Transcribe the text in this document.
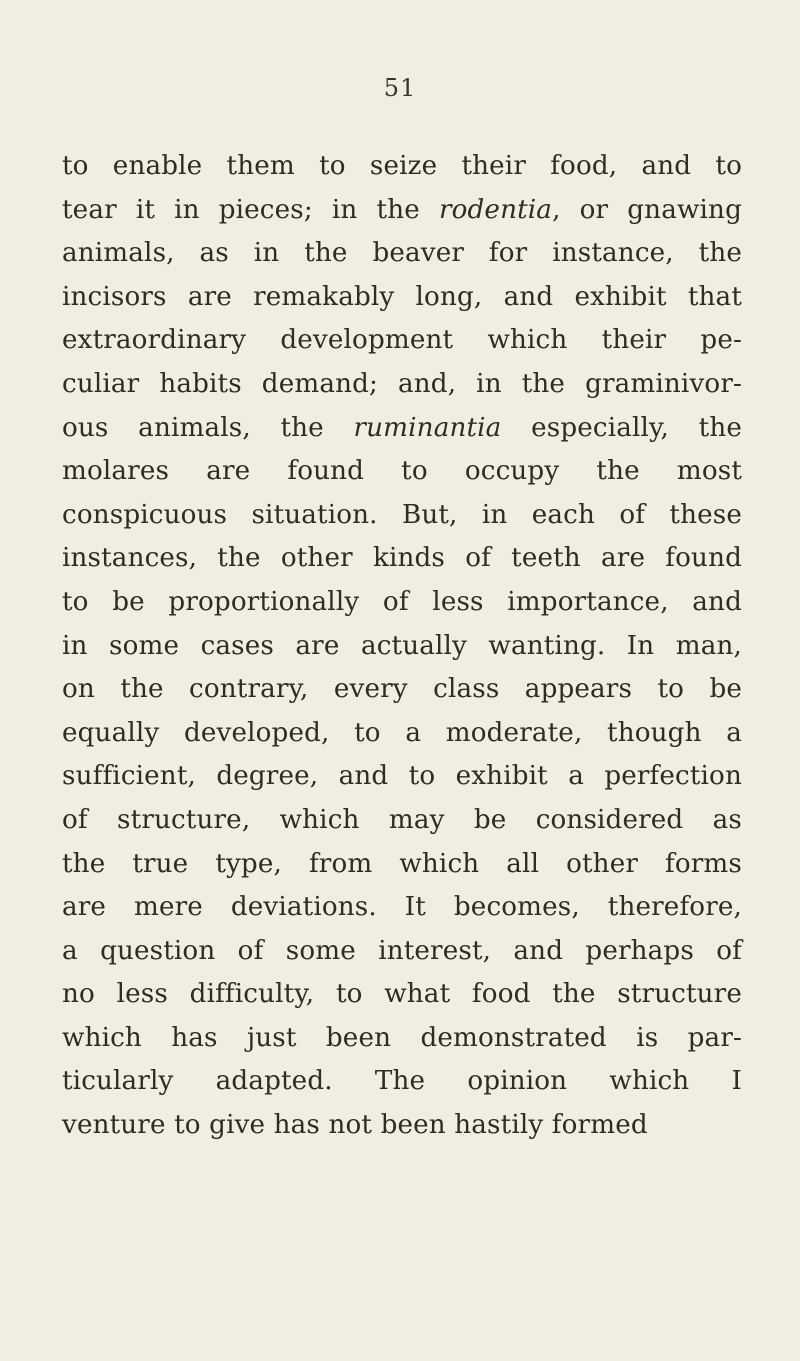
51
to enable them to seize their food, and to
tear it in pieces; in the rodentia, or gnawing
animals, as in the beaver for instance, the
incisors are remakably long, and exhibit that
extraordinary development which their pe-
culiar habits demand; and, in the graminivor-
ous animals, the ruminantia especially, the
molares are found to occupy the most
conspicuous situation. But, in each of these
instances, the other kinds of teeth are found
to be proportionally of less importance, and
in some cases are actually wanting. In man,
on the contrary, every class appears to be
equally developed, to a moderate, though a
sufficient, degree, and to exhibit a perfection
of structure, which may be considered as
the true type, from which all other forms
are mere deviations. It becomes, therefore,
a question of some interest, and perhaps of
no less difficulty, to what food the structure
which has just been demonstrated is par-
ticularly adapted. The opinion which I
venture to give has not been hastily formed
